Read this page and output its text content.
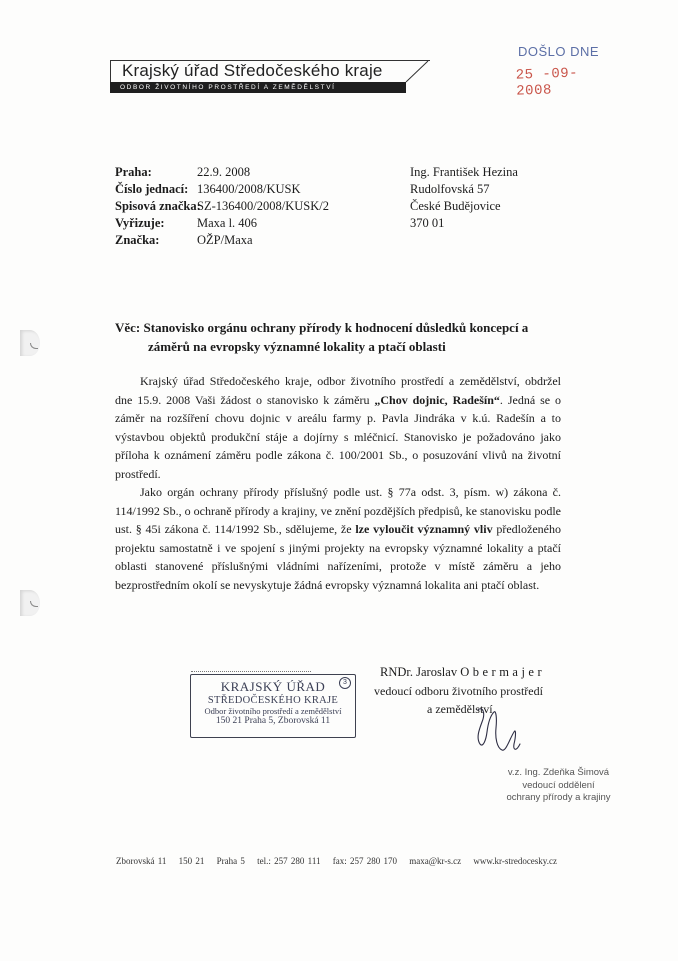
Krajský úřad Středočeského kraje
ODBOR ŽIVOTNÍHO PROSTŘEDÍ A ZEMĚDĚLSTVÍ
DOŠLO DNE
25 -09- 2008
Praha:	22.9. 2008
Číslo jednací: 136400/2008/KUSK
Spisová značka:
SZ-136400/2008/KUSK/2
Vyřizuje:	Maxa l. 406
Značka:	OŽP/Maxa
Ing. František Hezina
Rudolfovská 57
České Budějovice
370 01
Věc: Stanovisko orgánu ochrany přírody k hodnocení důsledků koncepcí a
záměrů na evropsky významné lokality a ptačí oblasti
Krajský úřad Středočeského kraje, odbor životního prostředí a zemědělství, obdržel dne 15.9. 2008 Vaši žádost o stanovisko k záměru „Chov dojnic, Radešín“. Jedná se o záměr na rozšíření chovu dojnic v areálu farmy p. Pavla Jindráka v k.ú. Radešín a to výstavbou objektů produkční stáje a dojírny s mléčnicí. Stanovisko je požadováno jako příloha k oznámení záměru podle zákona č. 100/2001 Sb., o posuzování vlivů na životní prostředí.
Jako orgán ochrany přírody příslušný podle ust. § 77a odst. 3, písm. w) zákona č. 114/1992 Sb., o ochraně přírody a krajiny, ve znění pozdějších předpisů, ke stanovisku podle ust. § 45i zákona č. 114/1992 Sb., sdělujeme, že lze vyloučit významný vliv předloženého projektu samostatně i ve spojení s jinými projekty na evropsky významné lokality a ptačí oblasti stanovené příslušnými vládními nařízeními, protože v místě záměru a jeho bezprostředním okolí se nevyskytuje žádná evropsky významná lokalita ani ptačí oblast.
3
KRAJSKÝ ÚŘAD
STŘEDOČESKÉHO KRAJE
Odbor životního prostředí a zemědělství
150 21 Praha 5, Zborovská 11
RNDr. Jaroslav Obermajer
vedoucí odboru životního prostředí
a zemědělství
v.z. Ing. Zdeňka Šimová
vedoucí oddělení
ochrany přírody a krajiny
Zborovská 11 150 21 Praha 5 tel.: 257 280 111 fax: 257 280 170 maxa@kr-s.cz www.kr-stredocesky.cz
